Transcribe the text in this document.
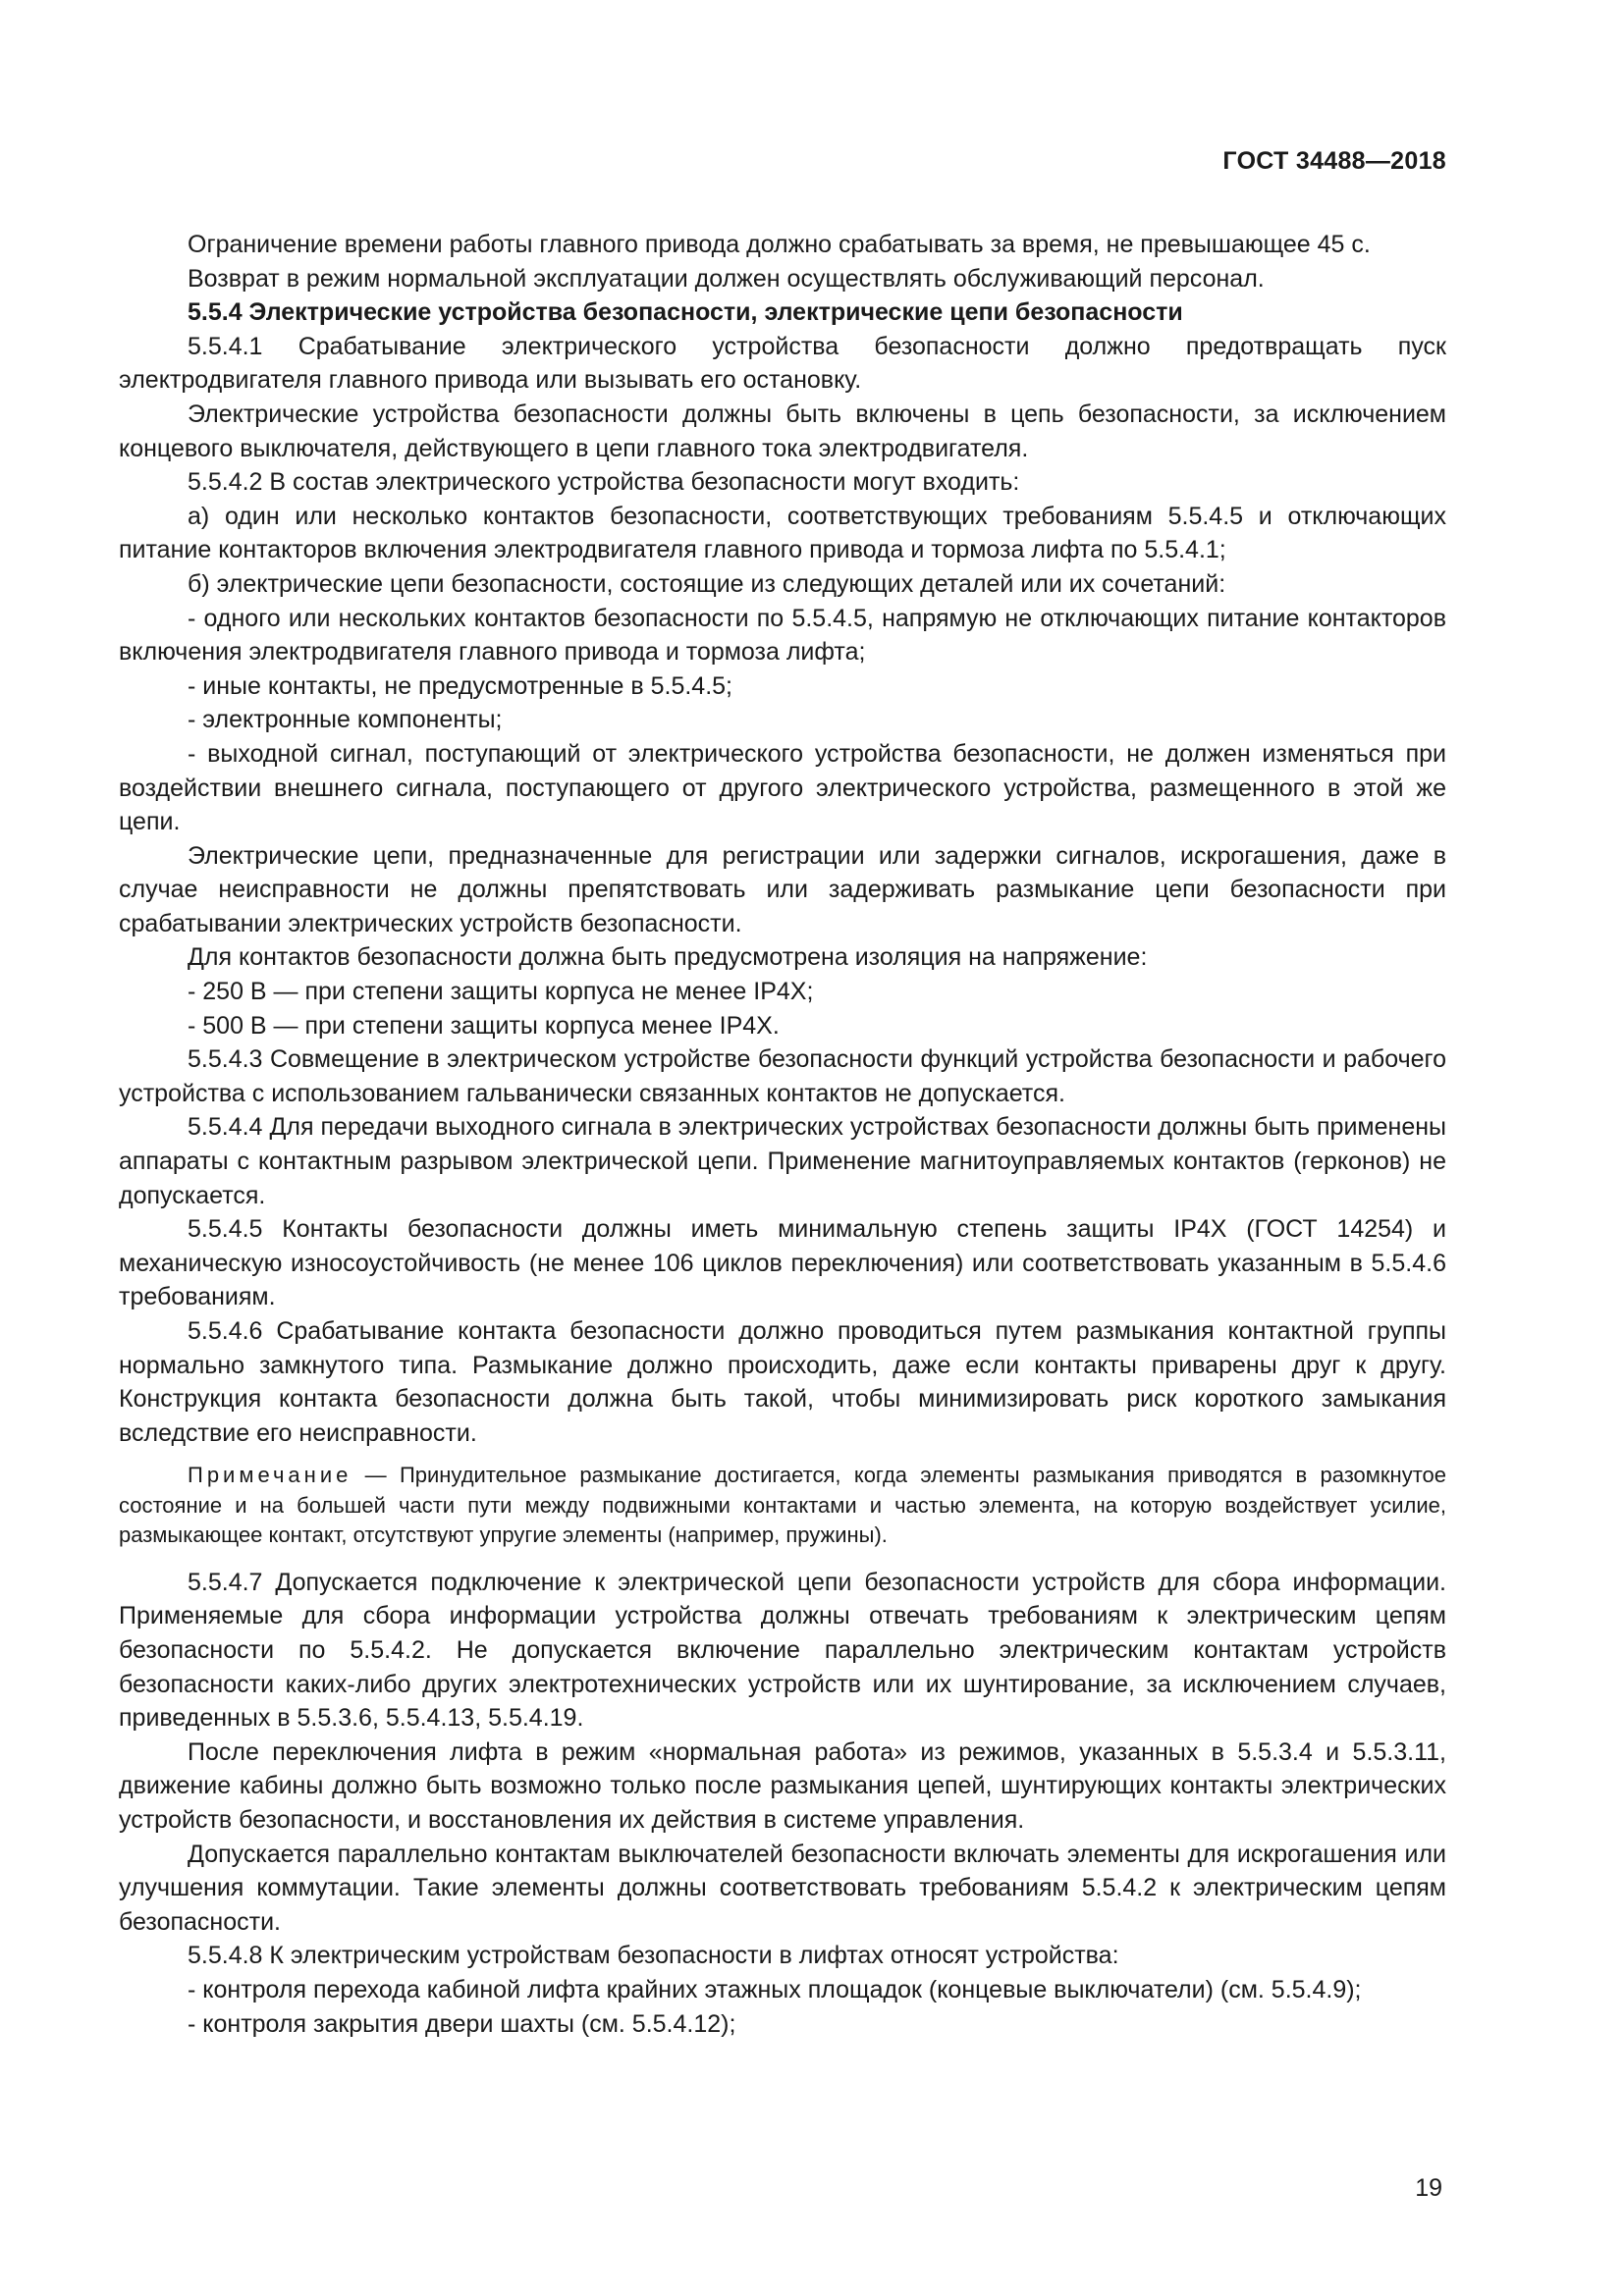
ГОСТ 34488—2018

Ограничение времени работы главного привода должно срабатывать за время, не превышающее 45 с.

Возврат в режим нормальной эксплуатации должен осуществлять обслуживающий персонал.

5.5.4 Электрические устройства безопасности, электрические цепи безопасности

5.5.4.1 Срабатывание электрического устройства безопасности должно предотвращать пуск электродвигателя главного привода или вызывать его остановку.

Электрические устройства безопасности должны быть включены в цепь безопасности, за исключением концевого выключателя, действующего в цепи главного тока электродвигателя.

5.5.4.2 В состав электрического устройства безопасности могут входить:

а) один или несколько контактов безопасности, соответствующих требованиям 5.5.4.5 и отключающих питание контакторов включения электродвигателя главного привода и тормоза лифта по 5.5.4.1;

б) электрические цепи безопасности, состоящие из следующих деталей или их сочетаний:

- одного или нескольких контактов безопасности по 5.5.4.5, напрямую не отключающих питание контакторов включения электродвигателя главного привода и тормоза лифта;

- иные контакты, не предусмотренные в 5.5.4.5;

- электронные компоненты;

- выходной сигнал, поступающий от электрического устройства безопасности, не должен изменяться при воздействии внешнего сигнала, поступающего от другого электрического устройства, размещенного в этой же цепи.

Электрические цепи, предназначенные для регистрации или задержки сигналов, искрогашения, даже в случае неисправности не должны препятствовать или задерживать размыкание цепи безопасности при срабатывании электрических устройств безопасности.

Для контактов безопасности должна быть предусмотрена изоляция на напряжение:

- 250 В — при степени защиты корпуса не менее IP4X;

- 500 В — при степени защиты корпуса менее IP4X.

5.5.4.3 Совмещение в электрическом устройстве безопасности функций устройства безопасности и рабочего устройства с использованием гальванически связанных контактов не допускается.

5.5.4.4 Для передачи выходного сигнала в электрических устройствах безопасности должны быть применены аппараты с контактным разрывом электрической цепи. Применение магнитоуправляемых контактов (герконов) не допускается.

5.5.4.5 Контакты безопасности должны иметь минимальную степень защиты IP4X (ГОСТ 14254) и механическую износоустойчивость (не менее 106 циклов переключения) или соответствовать указанным в 5.5.4.6 требованиям.

5.5.4.6 Срабатывание контакта безопасности должно проводиться путем размыкания контактной группы нормально замкнутого типа. Размыкание должно происходить, даже если контакты приварены друг к другу. Конструкция контакта безопасности должна быть такой, чтобы минимизировать риск короткого замыкания вследствие его неисправности.

Примечание — Принудительное размыкание достигается, когда элементы размыкания приводятся в разомкнутое состояние и на большей части пути между подвижными контактами и частью элемента, на которую воздействует усилие, размыкающее контакт, отсутствуют упругие элементы (например, пружины).

5.5.4.7 Допускается подключение к электрической цепи безопасности устройств для сбора информации. Применяемые для сбора информации устройства должны отвечать требованиям к электрическим цепям безопасности по 5.5.4.2. Не допускается включение параллельно электрическим контактам устройств безопасности каких-либо других электротехнических устройств или их шунтирование, за исключением случаев, приведенных в 5.5.3.6, 5.5.4.13, 5.5.4.19.

После переключения лифта в режим «нормальная работа» из режимов, указанных в 5.5.3.4 и 5.5.3.11, движение кабины должно быть возможно только после размыкания цепей, шунтирующих контакты электрических устройств безопасности, и восстановления их действия в системе управления.

Допускается параллельно контактам выключателей безопасности включать элементы для искрогашения или улучшения коммутации. Такие элементы должны соответствовать требованиям 5.5.4.2 к электрическим цепям безопасности.

5.5.4.8 К электрическим устройствам безопасности в лифтах относят устройства:

- контроля перехода кабиной лифта крайних этажных площадок (концевые выключатели) (см. 5.5.4.9);

- контроля закрытия двери шахты (см. 5.5.4.12);

19
